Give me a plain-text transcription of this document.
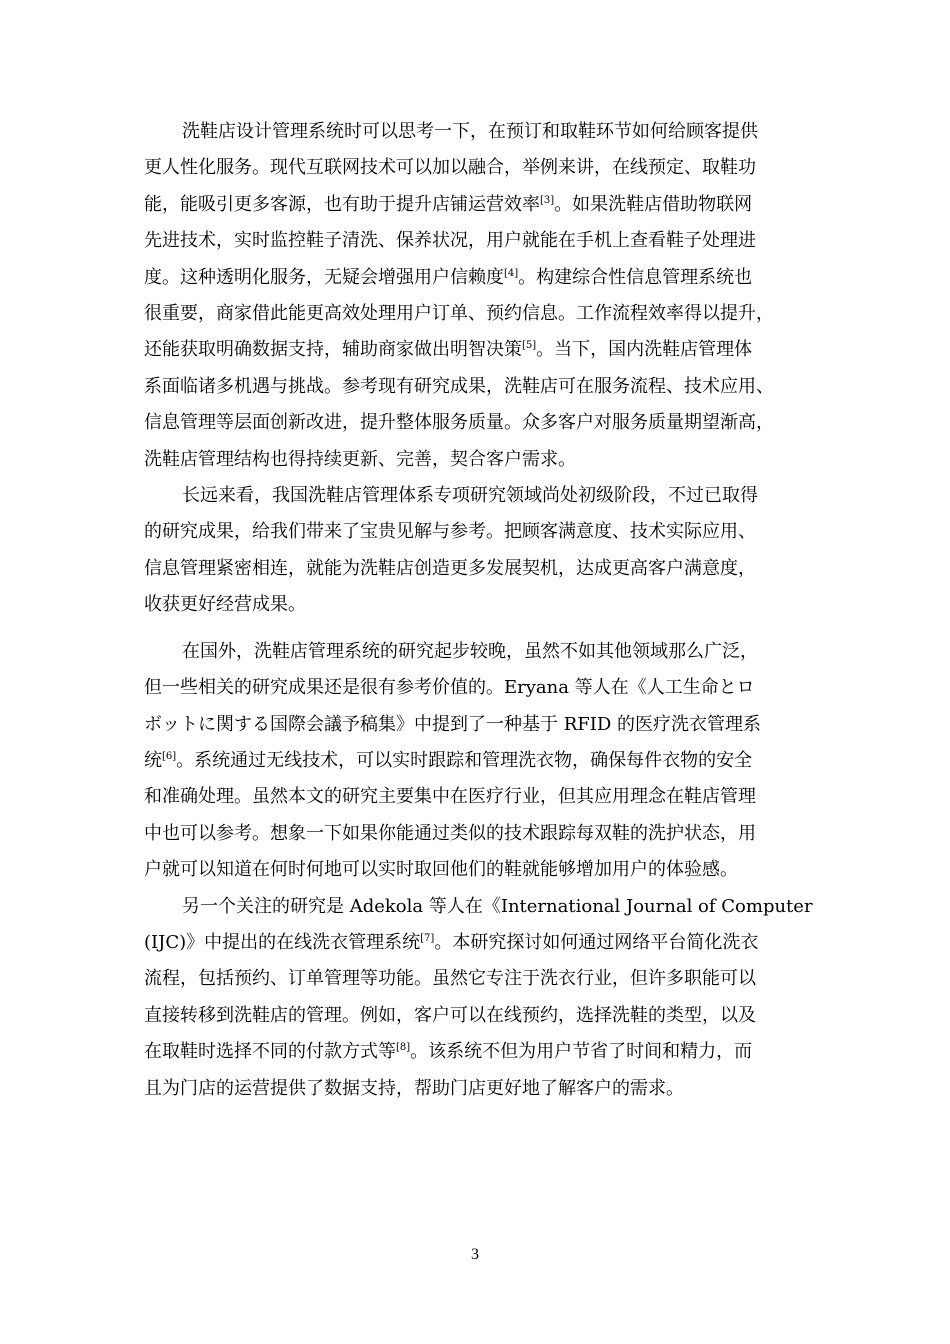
洗鞋店设计管理系统时可以思考一下，在预订和取鞋环节如何给顾客提供
更人性化服务。现代互联网技术可以加以融合，举例来讲，在线预定、取鞋功
能，能吸引更多客源，也有助于提升店铺运营效率[3]。如果洗鞋店借助物联网
先进技术，实时监控鞋子清洗、保养状况，用户就能在手机上查看鞋子处理进
度。这种透明化服务，无疑会增强用户信赖度[4]。构建综合性信息管理系统也
很重要，商家借此能更高效处理用户订单、预约信息。工作流程效率得以提升，
还能获取明确数据支持，辅助商家做出明智决策[5]。当下，国内洗鞋店管理体
系面临诸多机遇与挑战。参考现有研究成果，洗鞋店可在服务流程、技术应用、
信息管理等层面创新改进，提升整体服务质量。众多客户对服务质量期望渐高，
洗鞋店管理结构也得持续更新、完善，契合客户需求。

长远来看，我国洗鞋店管理体系专项研究领域尚处初级阶段，不过已取得
的研究成果，给我们带来了宝贵见解与参考。把顾客满意度、技术实际应用、
信息管理紧密相连，就能为洗鞋店创造更多发展契机，达成更高客户满意度，
收获更好经营成果。

在国外，洗鞋店管理系统的研究起步较晚，虽然不如其他领域那么广泛，
但一些相关的研究成果还是很有参考价值的。Eryana 等人在《人工生命とロ
ボットに関する国際会議予稿集》中提到了一种基于 RFID 的医疗洗衣管理系
统[6]。系统通过无线技术，可以实时跟踪和管理洗衣物，确保每件衣物的安全
和准确处理。虽然本文的研究主要集中在医疗行业，但其应用理念在鞋店管理
中也可以参考。想象一下如果你能通过类似的技术跟踪每双鞋的洗护状态，用
户就可以知道在何时何地可以实时取回他们的鞋就能够增加用户的体验感。

另一个关注的研究是 Adekola 等人在《International Journal of Computer
(IJC)》中提出的在线洗衣管理系统[7]。本研究探讨如何通过网络平台简化洗衣
流程，包括预约、订单管理等功能。虽然它专注于洗衣行业，但许多职能可以
直接转移到洗鞋店的管理。例如，客户可以在线预约，选择洗鞋的类型，以及
在取鞋时选择不同的付款方式等[8]。该系统不但为用户节省了时间和精力，而
且为门店的运营提供了数据支持，帮助门店更好地了解客户的需求。

3
